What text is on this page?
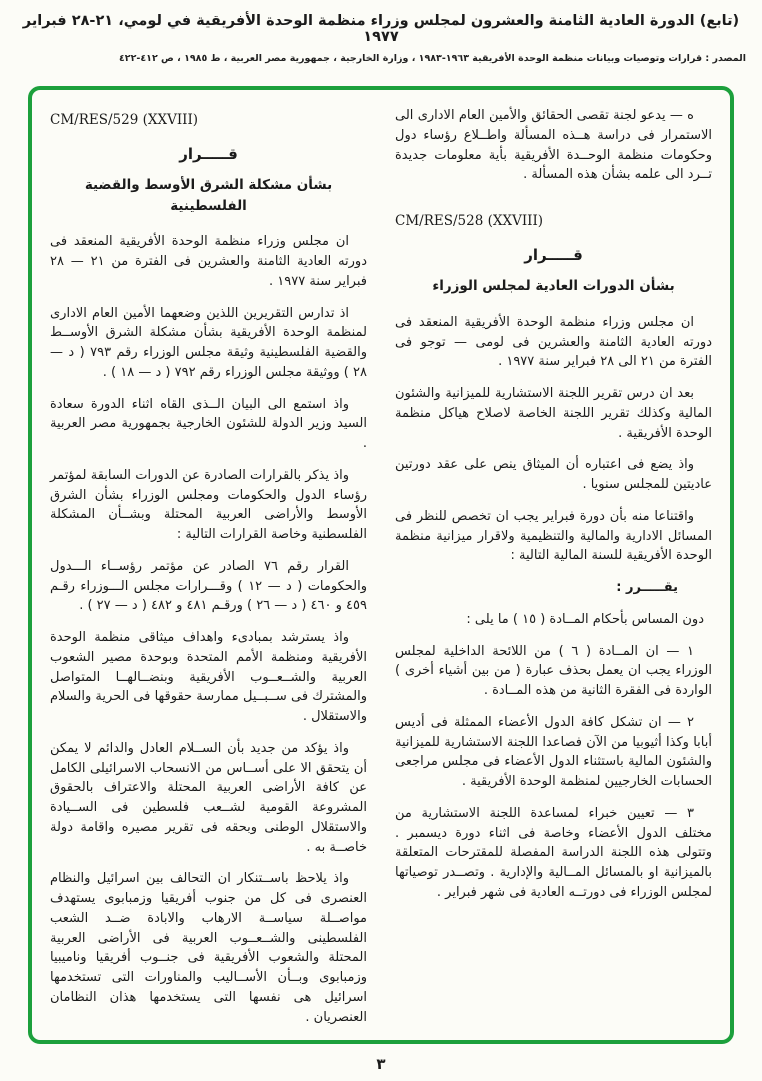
(تابع) الدورة العادية الثامنة والعشرون لمجلس وزراء منظمة الوحدة الأفريقية في لومي، ٢١-٢٨ فبراير ١٩٧٧
المصدر : قرارات وتوصيات وبيانات منظمة الوحدة الأفريقية ١٩٦٣-١٩٨٣ ، وزارة الخارجية ، جمهورية مصر العربية ، ط ١٩٨٥ ، ص ٤١٢-٤٢٢

ه — يدعو لجنة تقصى الحقائق والأمين العام الادارى الى الاستمرار فى دراسة هــذه المسألة واطــلاع رؤساء دول وحكومات منظمة الوحــدة الأفريقية بأية معلومات جديدة تــرد الى علمه بشأن هذه المسألة .

CM/RES/528 (XXVIII)
قـــــرار
بشأن الدورات العادية لمجلس الوزراء

ان مجلس وزراء منظمة الوحدة الأفريقية المنعقد فى دورته العادية الثامنة والعشرين فى لومى — توجو فى الفترة من ٢١ الى ٢٨ فبراير سنة ١٩٧٧ .

بعد ان درس تقرير اللجنة الاستشارية للميزانية والشئون المالية وكذلك تقرير اللجنة الخاصة لاصلاح هياكل منظمة الوحدة الأفريقية .

واذ يضع فى اعتباره أن الميثاق ينص على عقد دورتين عاديتين للمجلس سنويا .

واقتناعا منه بأن دورة فبراير يجب ان تخصص للنظر فى المسائل الادارية والمالية والتنظيمية ولاقرار ميزانية منظمة الوحدة الأفريقية للسنة المالية التالية :

يقـــــرر :

دون المساس بأحكام المــادة ( ١٥ ) ما يلى :

١ — ان المــادة ( ٦ ) من اللائحة الداخلية لمجلس الوزراء يجب ان يعمل بحذف عبارة ( من بين أشياء أخرى ) الواردة فى الفقرة الثانية من هذه المــادة .

٢ — ان تشكل كافة الدول الأعضاء الممثلة فى أديس أبابا وكذا أثيوبيا من الآن فصاعدا اللجنة الاستشارية للميزانية والشئون المالية باستثناء الدول الأعضاء فى مجلس مراجعى الحسابات الخارجيين لمنظمة الوحدة الأفريقية .

٣ — تعيين خبراء لمساعدة اللجنة الاستشارية من مختلف الدول الأعضاء وخاصة فى اثناء دورة ديسمبر . وتتولى هذه اللجنة الدراسة المفصلة للمقترحات المتعلقة بالميزانية او بالمسائل المــالية والإدارية . وتصــدر توصياتها لمجلس الوزراء فى دورتــه العادية فى شهر فبراير .

CM/RES/529 (XXVIII)
قـــــرار
بشأن مشكلة الشرق الأوسط والقضية الفلسطينية

ان مجلس وزراء منظمة الوحدة الأفريقية المنعقد فى دورته العادية الثامنة والعشرين فى الفترة من ٢١ — ٢٨ فبراير سنة ١٩٧٧ .

اذ تدارس التقريرين اللذين وضعهما الأمين العام الادارى لمنظمة الوحدة الأفريقية بشأن مشكلة الشرق الأوســط والقضية الفلسطينية وثيقة مجلس الوزراء رقم ٧٩٣ ( د — ٢٨ ) ووثيقة مجلس الوزراء رقم ٧٩٢ ( د — ١٨ ) .

واذ استمع الى البيان الــذى القاه اثناء الدورة سعادة السيد وزير الدولة للشئون الخارجية بجمهورية مصر العربية .

واذ يذكر بالقرارات الصادرة عن الدورات السابقة لمؤتمر رؤساء الدول والحكومات ومجلس الوزراء بشأن الشرق الأوسط والأراضى العربية المحتلة وبشــأن المشكلة الفلسطنية وخاصة القرارات التالية :

القرار رقم ٧٦ الصادر عن مؤتمر رؤســاء الـــدول والحكومات ( د — ١٢ ) وقـــرارات مجلس الـــوزراء رقـم ٤٥٩ و ٤٦٠ ( د — ٢٦ ) ورقـم ٤٨١ و ٤٨٢ ( د — ٢٧ ) .

واذ يسترشد بمبادىء واهداف ميثاقى منظمة الوحدة الأفريقية ومنظمة الأمم المتحدة وبوحدة مصير الشعوب العربية والشــعــوب الأفريقية وبنضــالهــا المتواصل والمشترك فى ســبــيل ممارسة حقوقها فى الحرية والسلام والاستقلال .

واذ يؤكد من جديد بأن الســلام العادل والدائم لا يمكن أن يتحقق الا على أســاس من الانسحاب الاسرائيلى الكامل عن كافة الأراضى العربية المحتلة والاعتراف بالحقوق المشروعة القومية لشــعب فلسطين فى الســيادة والاستقلال الوطنى وبحقه فى تقرير مصيره واقامة دولة خاصــة به .

واذ يلاحظ باســتنكار ان التحالف بين اسرائيل والنظام العنصرى فى كل من جنوب أفريقيا وزمبابوى يستهدف مواصــلة سياســة الارهاب والابادة ضــد الشعب الفلسطينى والشــعــوب العربية فى الأراضى العربية المحتلة والشعوب الأفريقية فى جنــوب أفريقيا وناميبيا وزمبابوى وبــأن الأســاليب والمناورات التى تستخدمها اسرائيل هى نفسها التى يستخدمها هذان النظامان العنصريان .

٣
